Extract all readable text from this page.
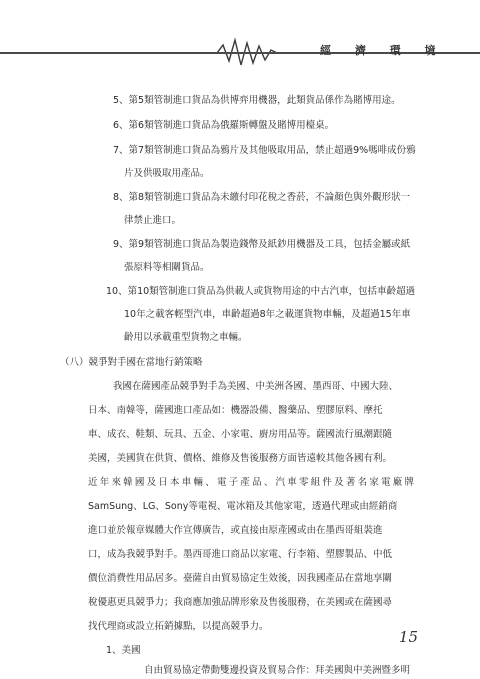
經 濟 環 境
5、第5類管制進口貨品為供博弈用機器，此類貨品係作為賭博用途。
6、第6類管制進口貨品為俄羅斯轉盤及賭博用檯桌。
7、第7類管制進口貨品為鴉片及其他吸取用品，禁止超過9%嗎啡成份鴉
片及供吸取用產品。
8、第8類管制進口貨品為未繳付印花稅之香菸，不論顏色與外觀形狀一
律禁止進口。
9、第9類管制進口貨品為製造錢幣及紙鈔用機器及工具，包括金屬或紙
張原料等相關貨品。
10、第10類管制進口貨品為供載人或貨物用途的中古汽車，包括車齡超過
10年之載客輕型汽車，車齡超過8年之載運貨物車輛，及超過15年車
齡用以承載重型貨物之車輛。
（八）競爭對手國在當地行銷策略
我國在薩國產品競爭對手為美國、中美洲各國、墨西哥、中國大陸、
日本、南韓等，薩國進口產品如：機器設備、醫藥品、塑膠原料、摩托
車、成衣、鞋類、玩具、五金、小家電、廚房用品等。薩國流行風潮跟隨
美國，美國貨在供貨、價格、維修及售後服務方面皆遠較其他各國有利。
近年來韓國及日本車輛、電子產品、汽車零組件及著名家電廠牌
SamSung、LG、Sony等電視、電冰箱及其他家電，透過代理或由經銷商
進口並於報章媒體大作宣傳廣告，或直接由原產國或由在墨西哥組裝進
口，成為我競爭對手。墨西哥進口商品以家電、行李箱、塑膠製品、中低
價位消費性用品居多。臺薩自由貿易協定生效後，因我國產品在當地享關
稅優惠更具競爭力；我商應加強品牌形象及售後服務，在美國或在薩國尋
找代理商或設立拓銷據點，以提高競爭力。
1、美國
自由貿易協定帶動雙邊投資及貿易合作：拜美國與中美洲暨多明
15
